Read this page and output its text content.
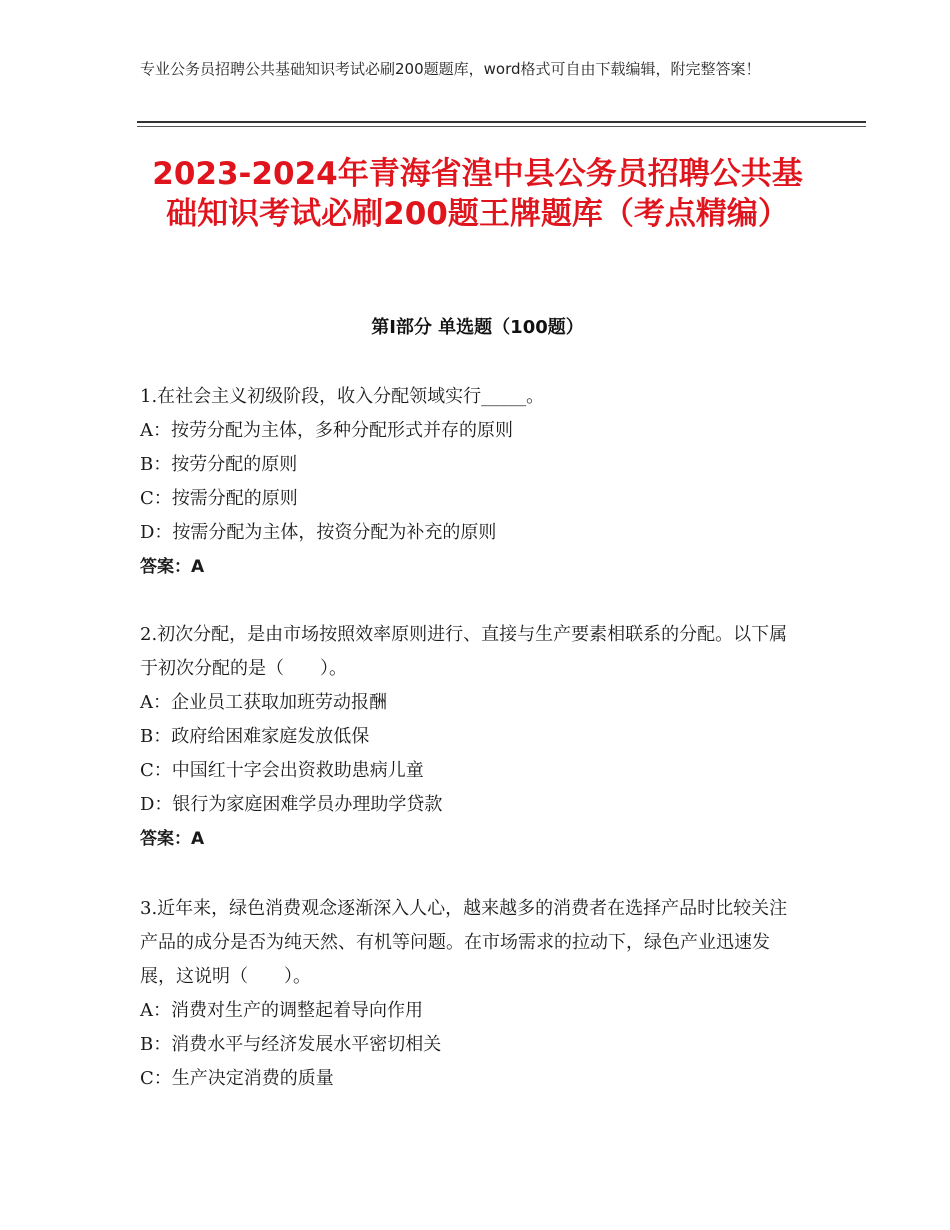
专业公务员招聘公共基础知识考试必刷200题题库，word格式可自由下载编辑，附完整答案！
2023-2024年青海省湟中县公务员招聘公共基础知识考试必刷200题王牌题库（考点精编）
第Ⅰ部分 单选题（100题）
1.在社会主义初级阶段，收入分配领域实行_____。
A：按劳分配为主体，多种分配形式并存的原则
B：按劳分配的原则
C：按需分配的原则
D：按需分配为主体，按资分配为补充的原则
答案：A
2.初次分配，是由市场按照效率原则进行、直接与生产要素相联系的分配。以下属于初次分配的是（　　）。
A：企业员工获取加班劳动报酬
B：政府给困难家庭发放低保
C：中国红十字会出资救助患病儿童
D：银行为家庭困难学员办理助学贷款
答案：A
3.近年来，绿色消费观念逐渐深入人心，越来越多的消费者在选择产品时比较关注产品的成分是否为纯天然、有机等问题。在市场需求的拉动下，绿色产业迅速发展，这说明（　　）。
A：消费对生产的调整起着导向作用
B：消费水平与经济发展水平密切相关
C：生产决定消费的质量
